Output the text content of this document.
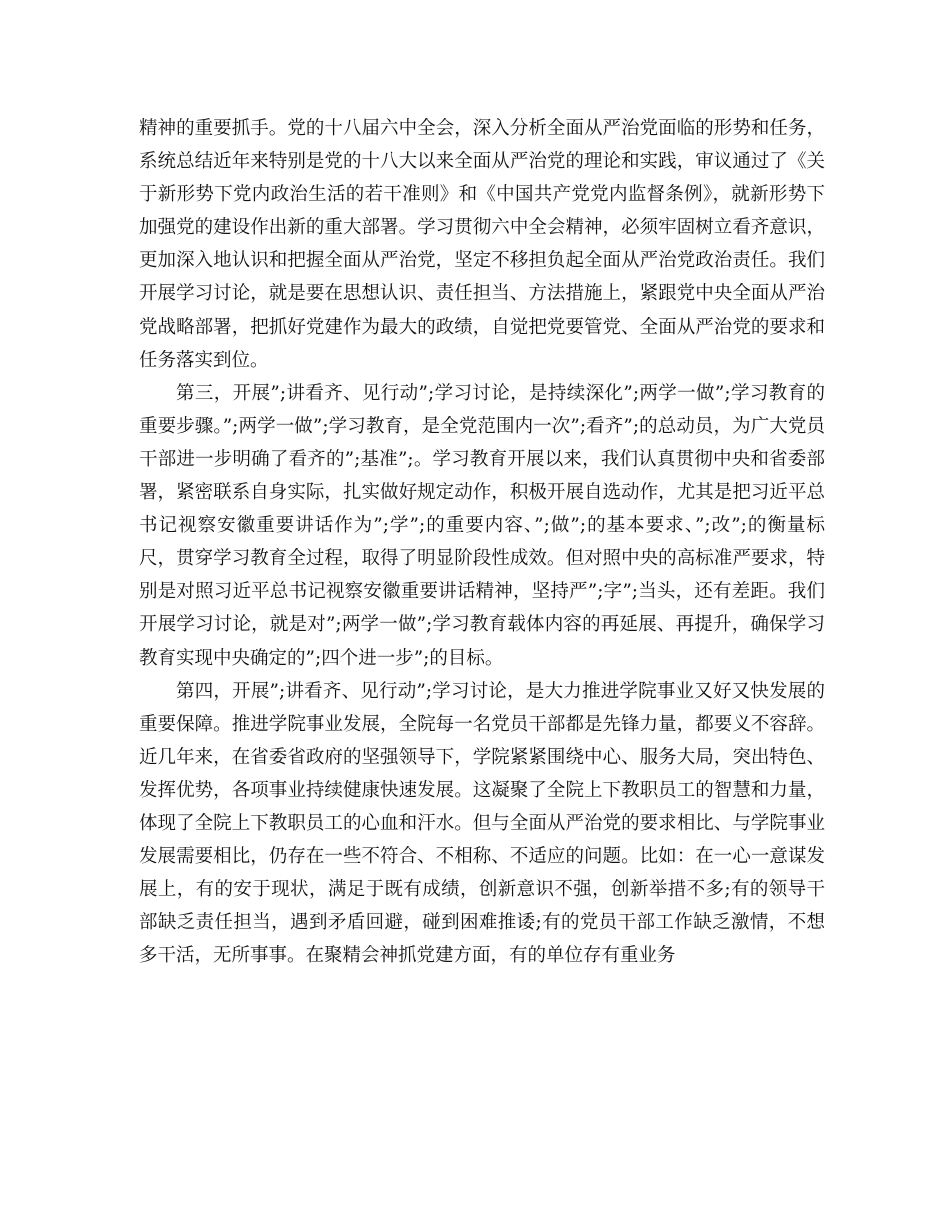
精神的重要抓手。党的十八届六中全会，深入分析全面从严治党面临的形势和任务，系统总结近年来特别是党的十八大以来全面从严治党的理论和实践，审议通过了《关于新形势下党内政治生活的若干准则》和《中国共产党党内监督条例》，就新形势下加强党的建设作出新的重大部署。学习贯彻六中全会精神，必须牢固树立看齐意识，更加深入地认识和把握全面从严治党，坚定不移担负起全面从严治党政治责任。我们开展学习讨论，就是要在思想认识、责任担当、方法措施上，紧跟党中央全面从严治党战略部署，把抓好党建作为最大的政绩，自觉把党要管党、全面从严治党的要求和任务落实到位。

第三，开展”;讲看齐、见行动”;学习讨论，是持续深化”;两学一做”;学习教育的重要步骤。”;两学一做”;学习教育，是全党范围内一次”;看齐”;的总动员，为广大党员干部进一步明确了看齐的”;基准”;。学习教育开展以来，我们认真贯彻中央和省委部署，紧密联系自身实际，扎实做好规定动作，积极开展自选动作，尤其是把习近平总书记视察安徽重要讲话作为”;学”;的重要内容、”;做”;的基本要求、”;改”;的衡量标尺，贯穿学习教育全过程，取得了明显阶段性成效。但对照中央的高标准严要求，特别是对照习近平总书记视察安徽重要讲话精神，坚持严”;字”;当头，还有差距。我们开展学习讨论，就是对”;两学一做”;学习教育载体内容的再延展、再提升，确保学习教育实现中央确定的”;四个进一步”;的目标。

第四，开展”;讲看齐、见行动”;学习讨论，是大力推进学院事业又好又快发展的重要保障。推进学院事业发展，全院每一名党员干部都是先锋力量，都要义不容辞。近几年来，在省委省政府的坚强领导下，学院紧紧围绕中心、服务大局，突出特色、发挥优势，各项事业持续健康快速发展。这凝聚了全院上下教职员工的智慧和力量，体现了全院上下教职员工的心血和汗水。但与全面从严治党的要求相比、与学院事业发展需要相比，仍存在一些不符合、不相称、不适应的问题。比如：在一心一意谋发展上，有的安于现状，满足于既有成绩，创新意识不强，创新举措不多;有的领导干部缺乏责任担当，遇到矛盾回避，碰到困难推诿;有的党员干部工作缺乏激情，不想多干活，无所事事。在聚精会神抓党建方面，有的单位存有重业务
